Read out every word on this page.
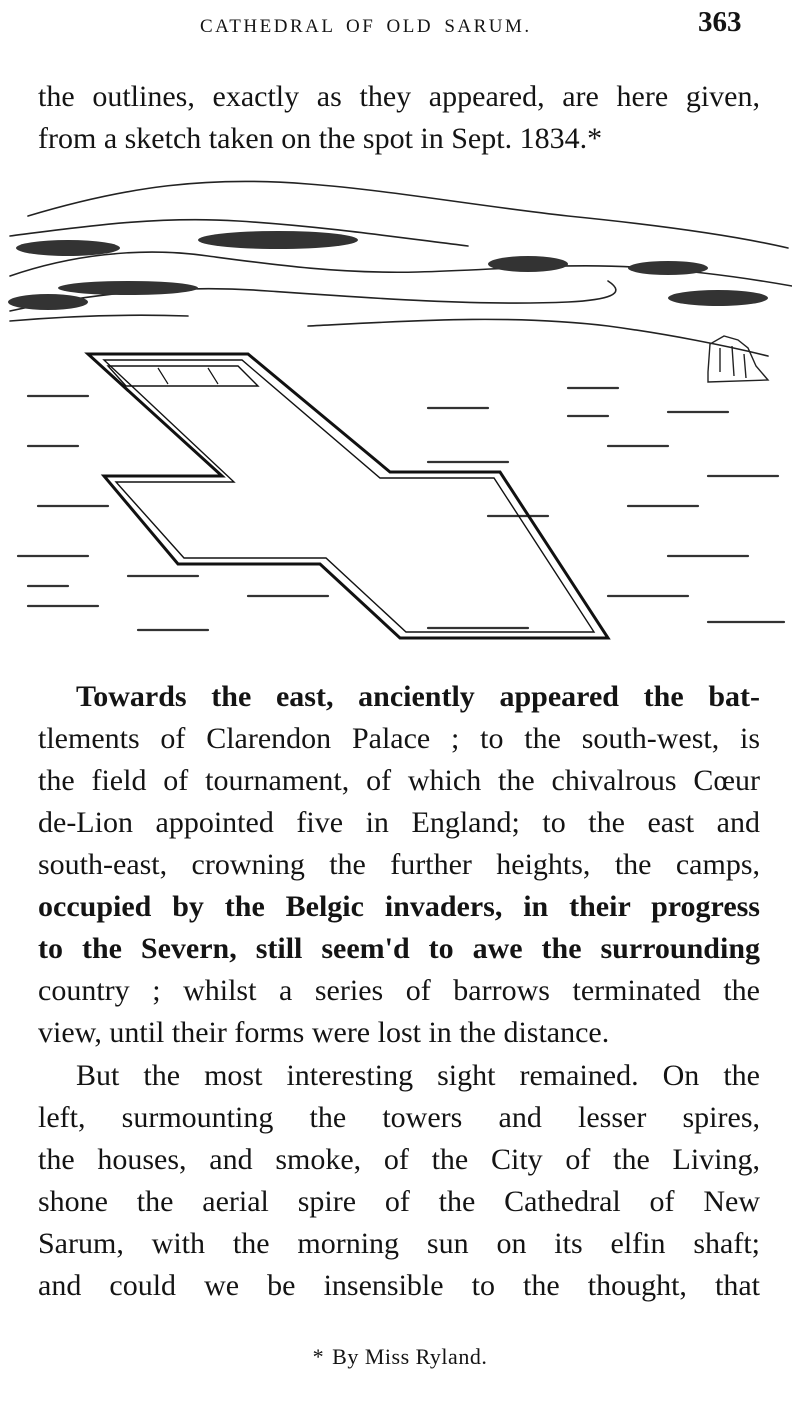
CATHEDRAL OF OLD SARUM.	363
the outlines, exactly as they appeared, are here given,
from a sketch taken on the spot in Sept. 1834.*
Towards the east, anciently appeared the bat-
tlements of Clarendon Palace ; to the south-west, is
the field of tournament, of which the chivalrous Cœur
de-Lion appointed five in England; to the east and
south-east, crowning the further heights, the camps,
occupied by the Belgic invaders, in their progress
to the Severn, still seem'd to awe the surrounding
country ; whilst a series of barrows terminated the
view, until their forms were lost in the distance.
But the most interesting sight remained. On the
left, surmounting the towers and lesser spires,
the houses, and smoke, of the City of the Living,
shone the aerial spire of the Cathedral of New
Sarum, with the morning sun on its elfin shaft;
and could we be insensible to the thought, that
* By Miss Ryland.
